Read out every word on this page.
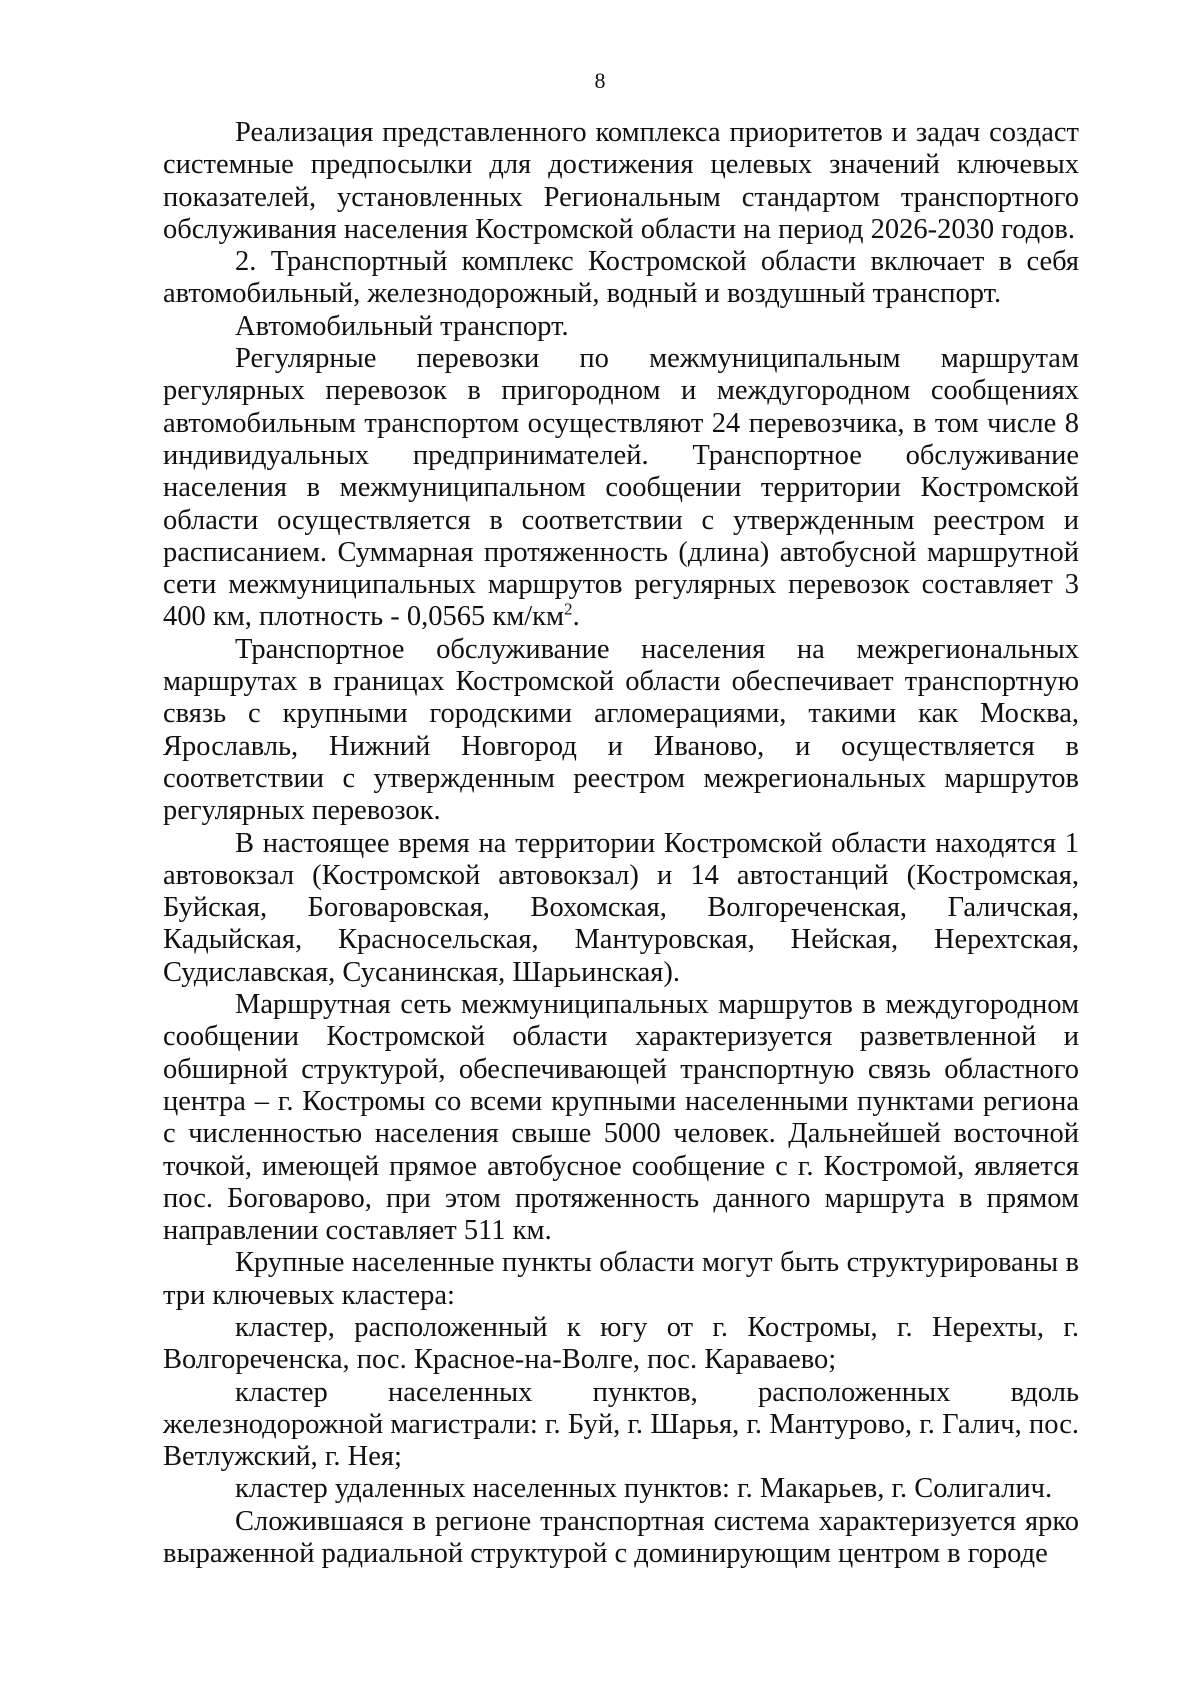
8

Реализация представленного комплекса приоритетов и задач создаст системные предпосылки для достижения целевых значений ключевых показателей, установленных Региональным стандартом транспортного обслуживания населения Костромской области на период 2026-2030 годов.

2. Транспортный комплекс Костромской области включает в себя автомобильный, железнодорожный, водный и воздушный транспорт.

Автомобильный транспорт.

Регулярные перевозки по межмуниципальным маршрутам регулярных перевозок в пригородном и междугородном сообщениях автомобильным транспортом осуществляют 24 перевозчика, в том числе 8 индивидуальных предпринимателей. Транспортное обслуживание населения в межмуниципальном сообщении территории Костромской области осуществляется в соответствии с утвержденным реестром и расписанием. Суммарная протяженность (длина) автобусной маршрутной сети межмуниципальных маршрутов регулярных перевозок составляет 3 400 км, плотность - 0,0565 $км/км^2$.

Транспортное обслуживание населения на межрегиональных маршрутах в границах Костромской области обеспечивает транспортную связь с крупными городскими агломерациями, такими как Москва, Ярославль, Нижний Новгород и Иваново, и осуществляется в соответствии с утвержденным реестром межрегиональных маршрутов регулярных перевозок.

В настоящее время на территории Костромской области находятся 1 автовокзал (Костромской автовокзал) и 14 автостанций (Костромская, Буйская, Боговаровская, Вохомская, Волгореченская, Галичская, Кадыйская, Красносельская, Мантуровская, Нейская, Нерехтская, Судиславская, Сусанинская, Шарьинская).

Маршрутная сеть межмуниципальных маршрутов в междугородном сообщении Костромской области характеризуется разветвленной и обширной структурой, обеспечивающей транспортную связь областного центра – г. Костромы со всеми крупными населенными пунктами региона с численностью населения свыше 5000 человек. Дальнейшей восточной точкой, имеющей прямое автобусное сообщение с г. Костромой, является пос. Боговарово, при этом протяженность данного маршрута в прямом направлении составляет 511 км.

Крупные населенные пункты области могут быть структурированы в три ключевых кластера:

кластер, расположенный к югу от г. Костромы, г. Нерехты, г. Волгореченска, пос. Красное-на-Волге, пос. Караваево;

кластер населенных пунктов, расположенных вдоль железнодорожной магистрали: г. Буй, г. Шарья, г. Мантурово, г. Галич, пос. Ветлужский, г. Нея;

кластер удаленных населенных пунктов: г. Макарьев, г. Солигалич.

Сложившаяся в регионе транспортная система характеризуется ярко выраженной радиальной структурой с доминирующим центром в городе
